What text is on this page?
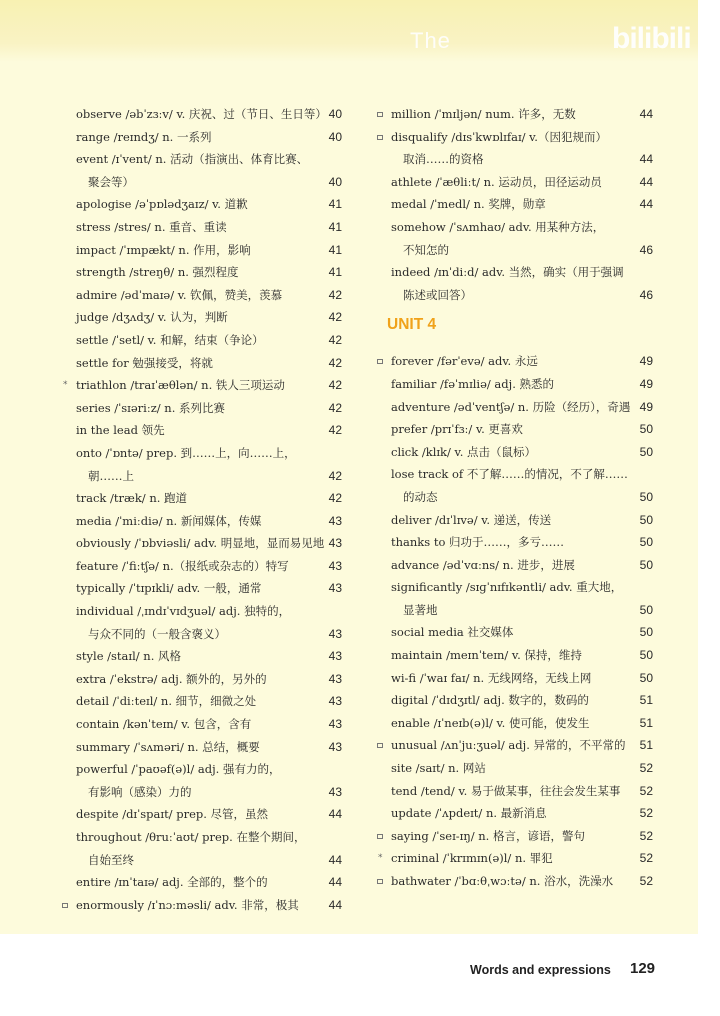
The	bilibili
observe /əbˈzɜːv/ v. 庆祝、过（节日、生日等） 40
range /reɪndʒ/ n. 一系列	40
event /ɪˈvent/ n. 活动（指演出、体育比赛、
聚会等）	40
apologise /əˈpɒlədʒaɪz/ v. 道歉	41
stress /stres/ n. 重音、重读	41
impact /ˈɪmpækt/ n. 作用，影响	41
strength /streŋθ/ n. 强烈程度	41
admire /ədˈmaɪə/ v. 钦佩，赞美，羡慕	42
judge /dʒʌdʒ/ v. 认为，判断	42
settle /ˈsetl/ v. 和解，结束（争论）	42
settle for 勉强接受，将就	42
* triathlon /traɪˈæθlən/ n. 铁人三项运动	42
series /ˈsɪəriːz/ n. 系列比赛	42
in the lead 领先	42
onto /ˈɒntə/ prep. 到……上，向……上，
朝……上	42
track /træk/ n. 跑道	42
media /ˈmiːdiə/ n. 新闻媒体，传媒	43
obviously /ˈɒbviəsli/ adv. 明显地，显而易见地 43
feature /ˈfiːtʃə/ n.（报纸或杂志的）特写	43
typically /ˈtɪpɪkli/ adv. 一般，通常	43
individual /ˌɪndɪˈvɪdʒuəl/ adj. 独特的，
与众不同的（一般含褒义）	43
style /staɪl/ n. 风格	43
extra /ˈekstrə/ adj. 额外的，另外的	43
detail /ˈdiːteɪl/ n. 细节，细微之处	43
contain /kənˈteɪn/ v. 包含，含有	43
summary /ˈsʌməri/ n. 总结，概要	43
powerful /ˈpaʊəf(ə)l/ adj. 强有力的，
有影响（感染）力的	43
despite /dɪˈspaɪt/ prep. 尽管，虽然	44
throughout /θruːˈaʊt/ prep. 在整个期间，
自始至终	44
entire /ɪnˈtaɪə/ adj. 全部的，整个的	44
enormously /ɪˈnɔːməsli/ adv. 非常，极其	44
million /ˈmɪljən/ num. 许多，无数	44
disqualify /dɪsˈkwɒlɪfaɪ/ v.（因犯规而）
取消……的资格	44
athlete /ˈæθliːt/ n. 运动员，田径运动员	44
medal /ˈmedl/ n. 奖牌，勋章	44
somehow /ˈsʌmhaʊ/ adv. 用某种方法，
不知怎的	46
indeed /ɪnˈdiːd/ adv. 当然，确实（用于强调
陈述或回答）	46
UNIT 4
forever /fərˈevə/ adv. 永远	49
familiar /fəˈmɪliə/ adj. 熟悉的	49
adventure /ədˈventʃə/ n. 历险（经历），奇遇 49
prefer /prɪˈfɜː/ v. 更喜欢	50
click /klɪk/ v. 点击（鼠标）	50
lose track of 不了解……的情况，不了解……
的动态	50
deliver /dɪˈlɪvə/ v. 递送，传送	50
thanks to 归功于……，多亏……	50
advance /ədˈvɑːns/ n. 进步，进展	50
significantly /sɪɡˈnɪfɪkəntli/ adv. 重大地，
显著地	50
social media 社交媒体	50
maintain /meɪnˈteɪn/ v. 保持，维持	50
wi-fi /ˈwaɪ faɪ/ n. 无线网络，无线上网	50
digital /ˈdɪdʒɪtl/ adj. 数字的，数码的	51
enable /ɪˈneɪb(ə)l/ v. 使可能，使发生	51
unusual /ʌnˈjuːʒuəl/ adj. 异常的，不平常的	51
site /saɪt/ n. 网站	52
tend /tend/ v. 易于做某事，往往会发生某事	52
update /ˈʌpdeɪt/ n. 最新消息	52
saying /ˈseɪ-ɪŋ/ n. 格言，谚语，警句	52
* criminal /ˈkrɪmɪn(ə)l/ n. 罪犯	52
bathwater /ˈbɑːθˌwɔːtə/ n. 浴水，洗澡水	52
Words and expressions 129
